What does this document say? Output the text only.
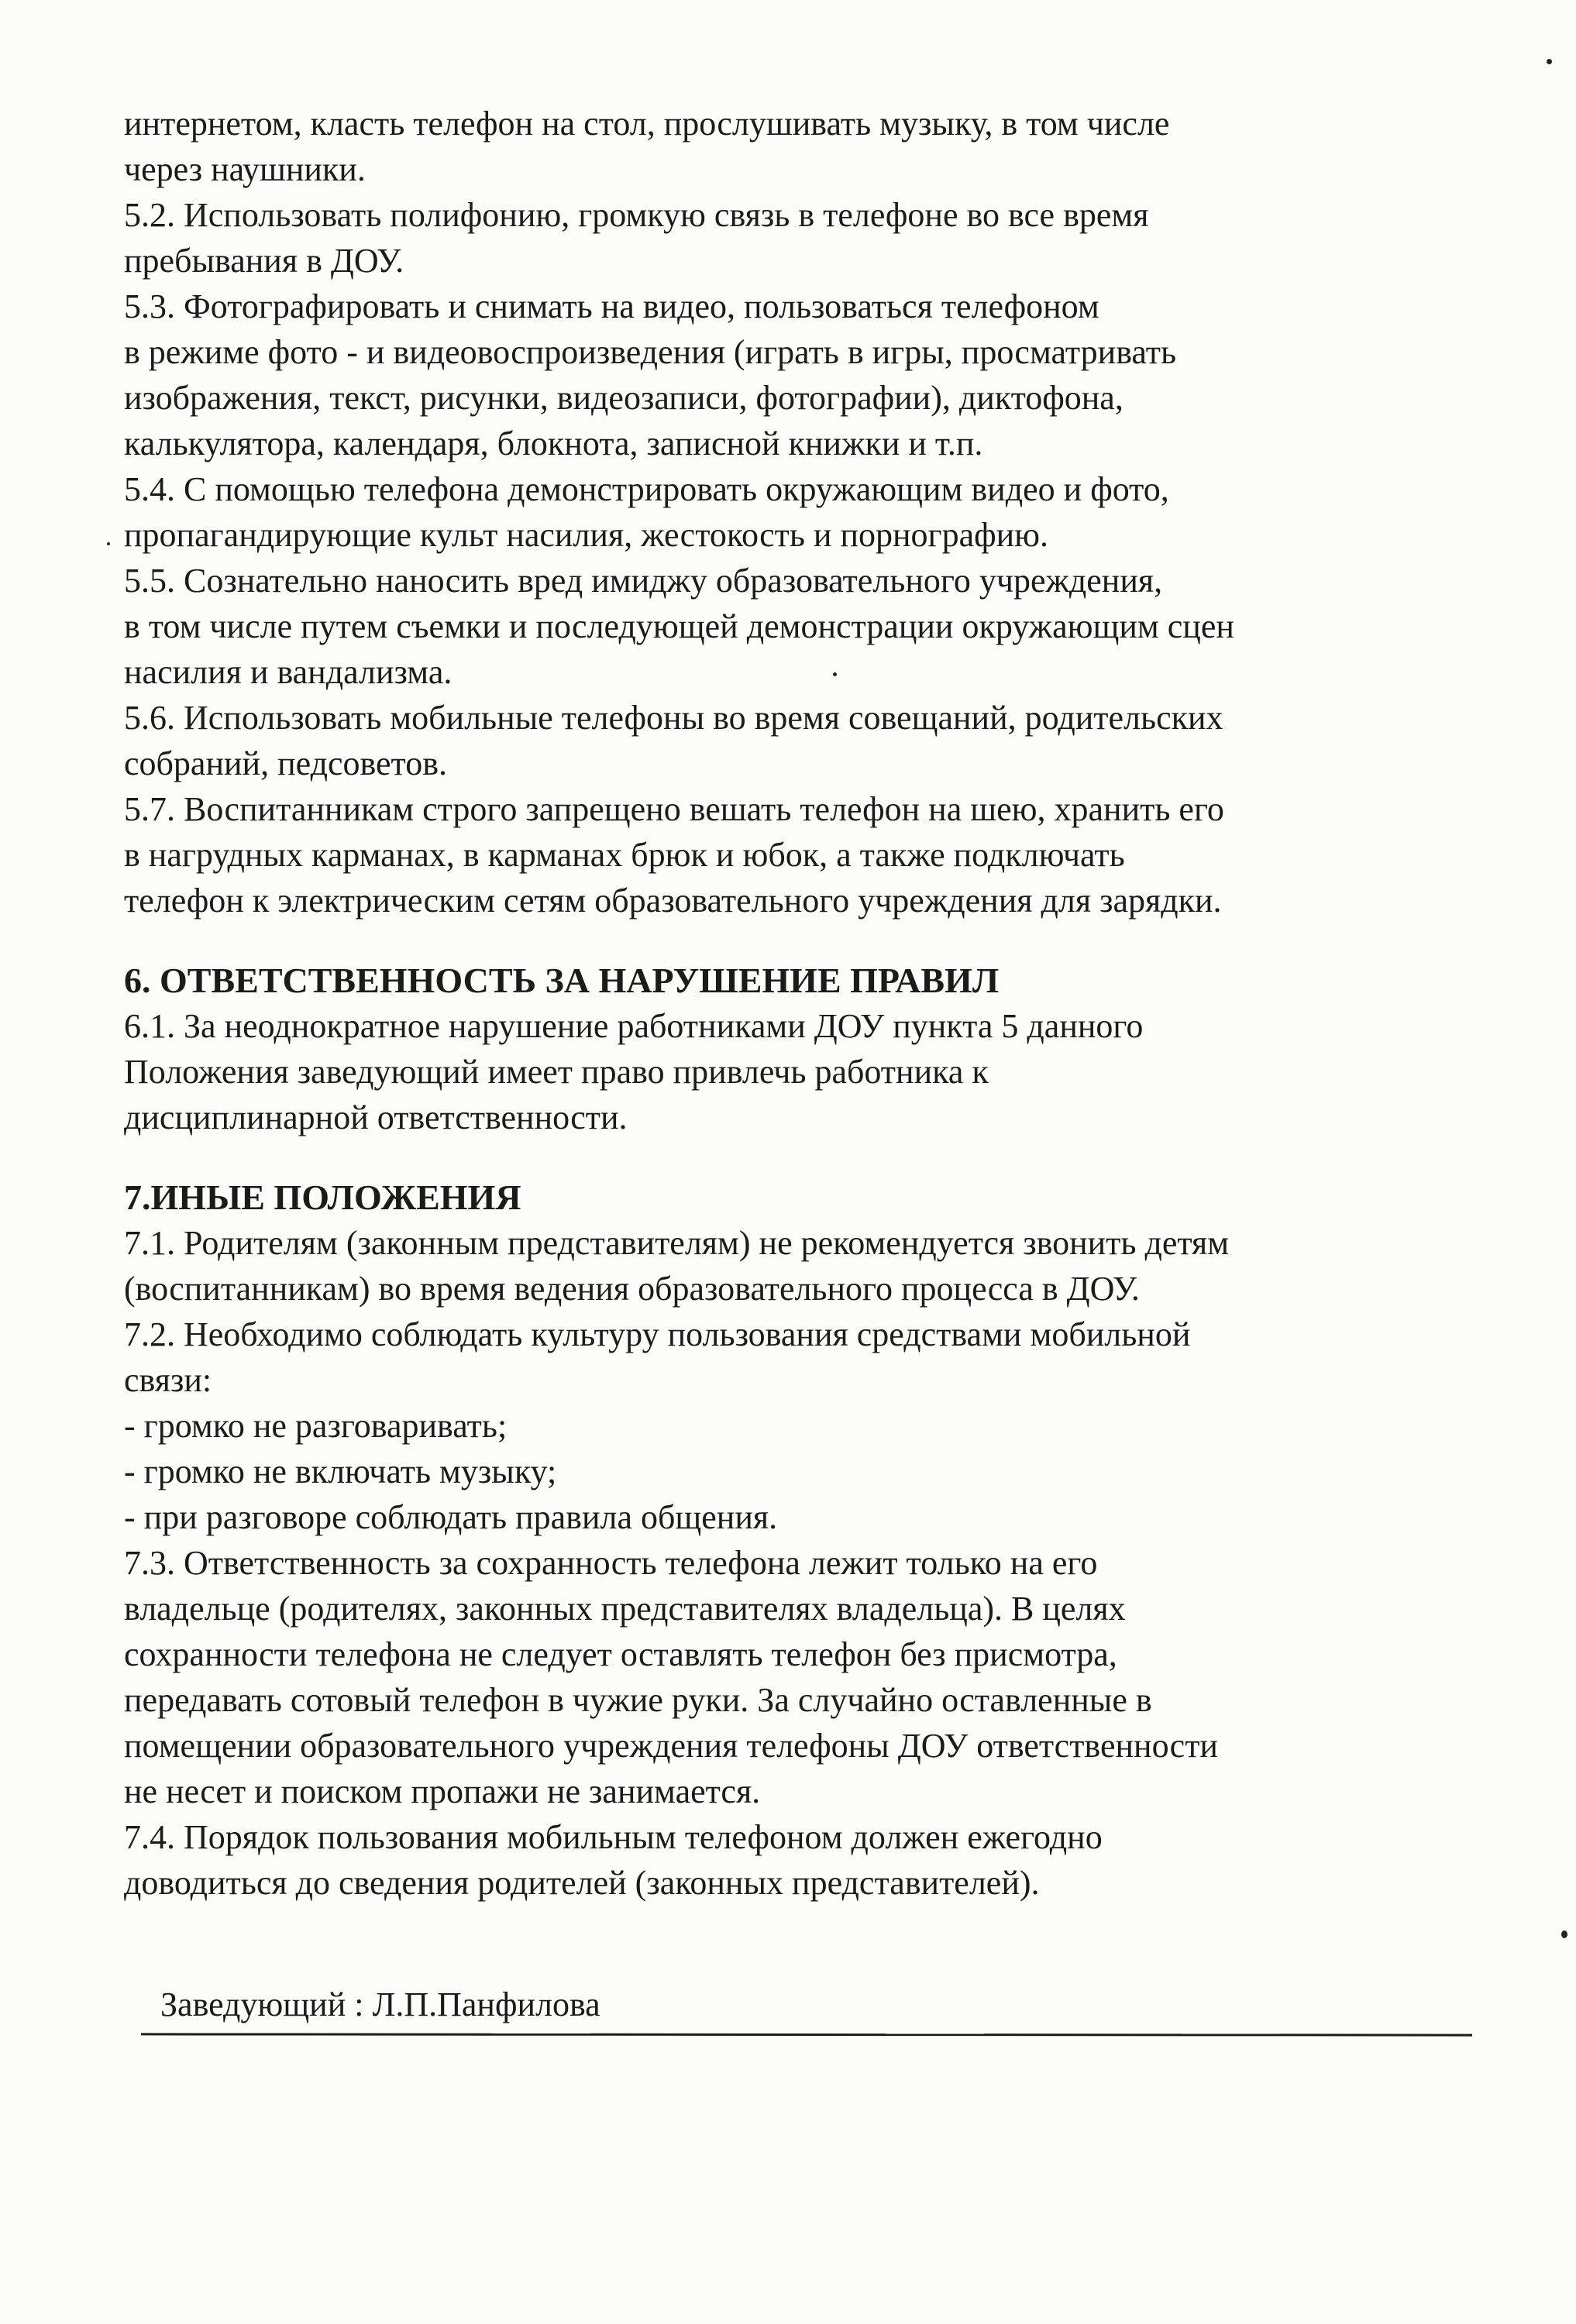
интернетом, класть телефон на стол, прослушивать музыку, в том числе
через наушники.
5.2. Использовать полифонию, громкую связь в телефоне во все время
пребывания в ДОУ.
5.3. Фотографировать и снимать на видео, пользоваться телефоном
в режиме фото - и видеовоспроизведения (играть в игры, просматривать
изображения, текст, рисунки, видеозаписи, фотографии), диктофона,
калькулятора, календаря, блокнота, записной книжки и т.п.
5.4. С помощью телефона демонстрировать окружающим видео и фото,
пропагандирующие культ насилия, жестокость и порнографию.
5.5. Сознательно наносить вред имиджу образовательного учреждения,
в том числе путем съемки и последующей демонстрации окружающим сцен
насилия и вандализма.
5.6. Использовать мобильные телефоны во время совещаний, родительских
собраний, педсоветов.
5.7. Воспитанникам строго запрещено вешать телефон на шею, хранить его
в нагрудных карманах, в карманах брюк и юбок, а также подключать
телефон к электрическим сетям образовательного учреждения для зарядки.
6. ОТВЕТСТВЕННОСТЬ ЗА НАРУШЕНИЕ ПРАВИЛ
6.1. За неоднократное нарушение работниками ДОУ пункта 5 данного
Положения заведующий имеет право привлечь работника к
дисциплинарной ответственности.
7.ИНЫЕ ПОЛОЖЕНИЯ
7.1. Родителям (законным представителям) не рекомендуется звонить детям
(воспитанникам) во время ведения образовательного процесса в ДОУ.
7.2. Необходимо соблюдать культуру пользования средствами мобильной
связи:
- громко не разговаривать;
- громко не включать музыку;
- при разговоре соблюдать правила общения.
7.3. Ответственность за сохранность телефона лежит только на его
владельце (родителях, законных представителях владельца). В целях
сохранности телефона не следует оставлять телефон без присмотра,
передавать сотовый телефон в чужие руки. За случайно оставленные в
помещении образовательного учреждения телефоны ДОУ ответственности
не несет и поиском пропажи не занимается.
7.4. Порядок пользования мобильным телефоном должен ежегодно
доводиться до сведения родителей (законных представителей).
Заведующий : Л.П.Панфилова
